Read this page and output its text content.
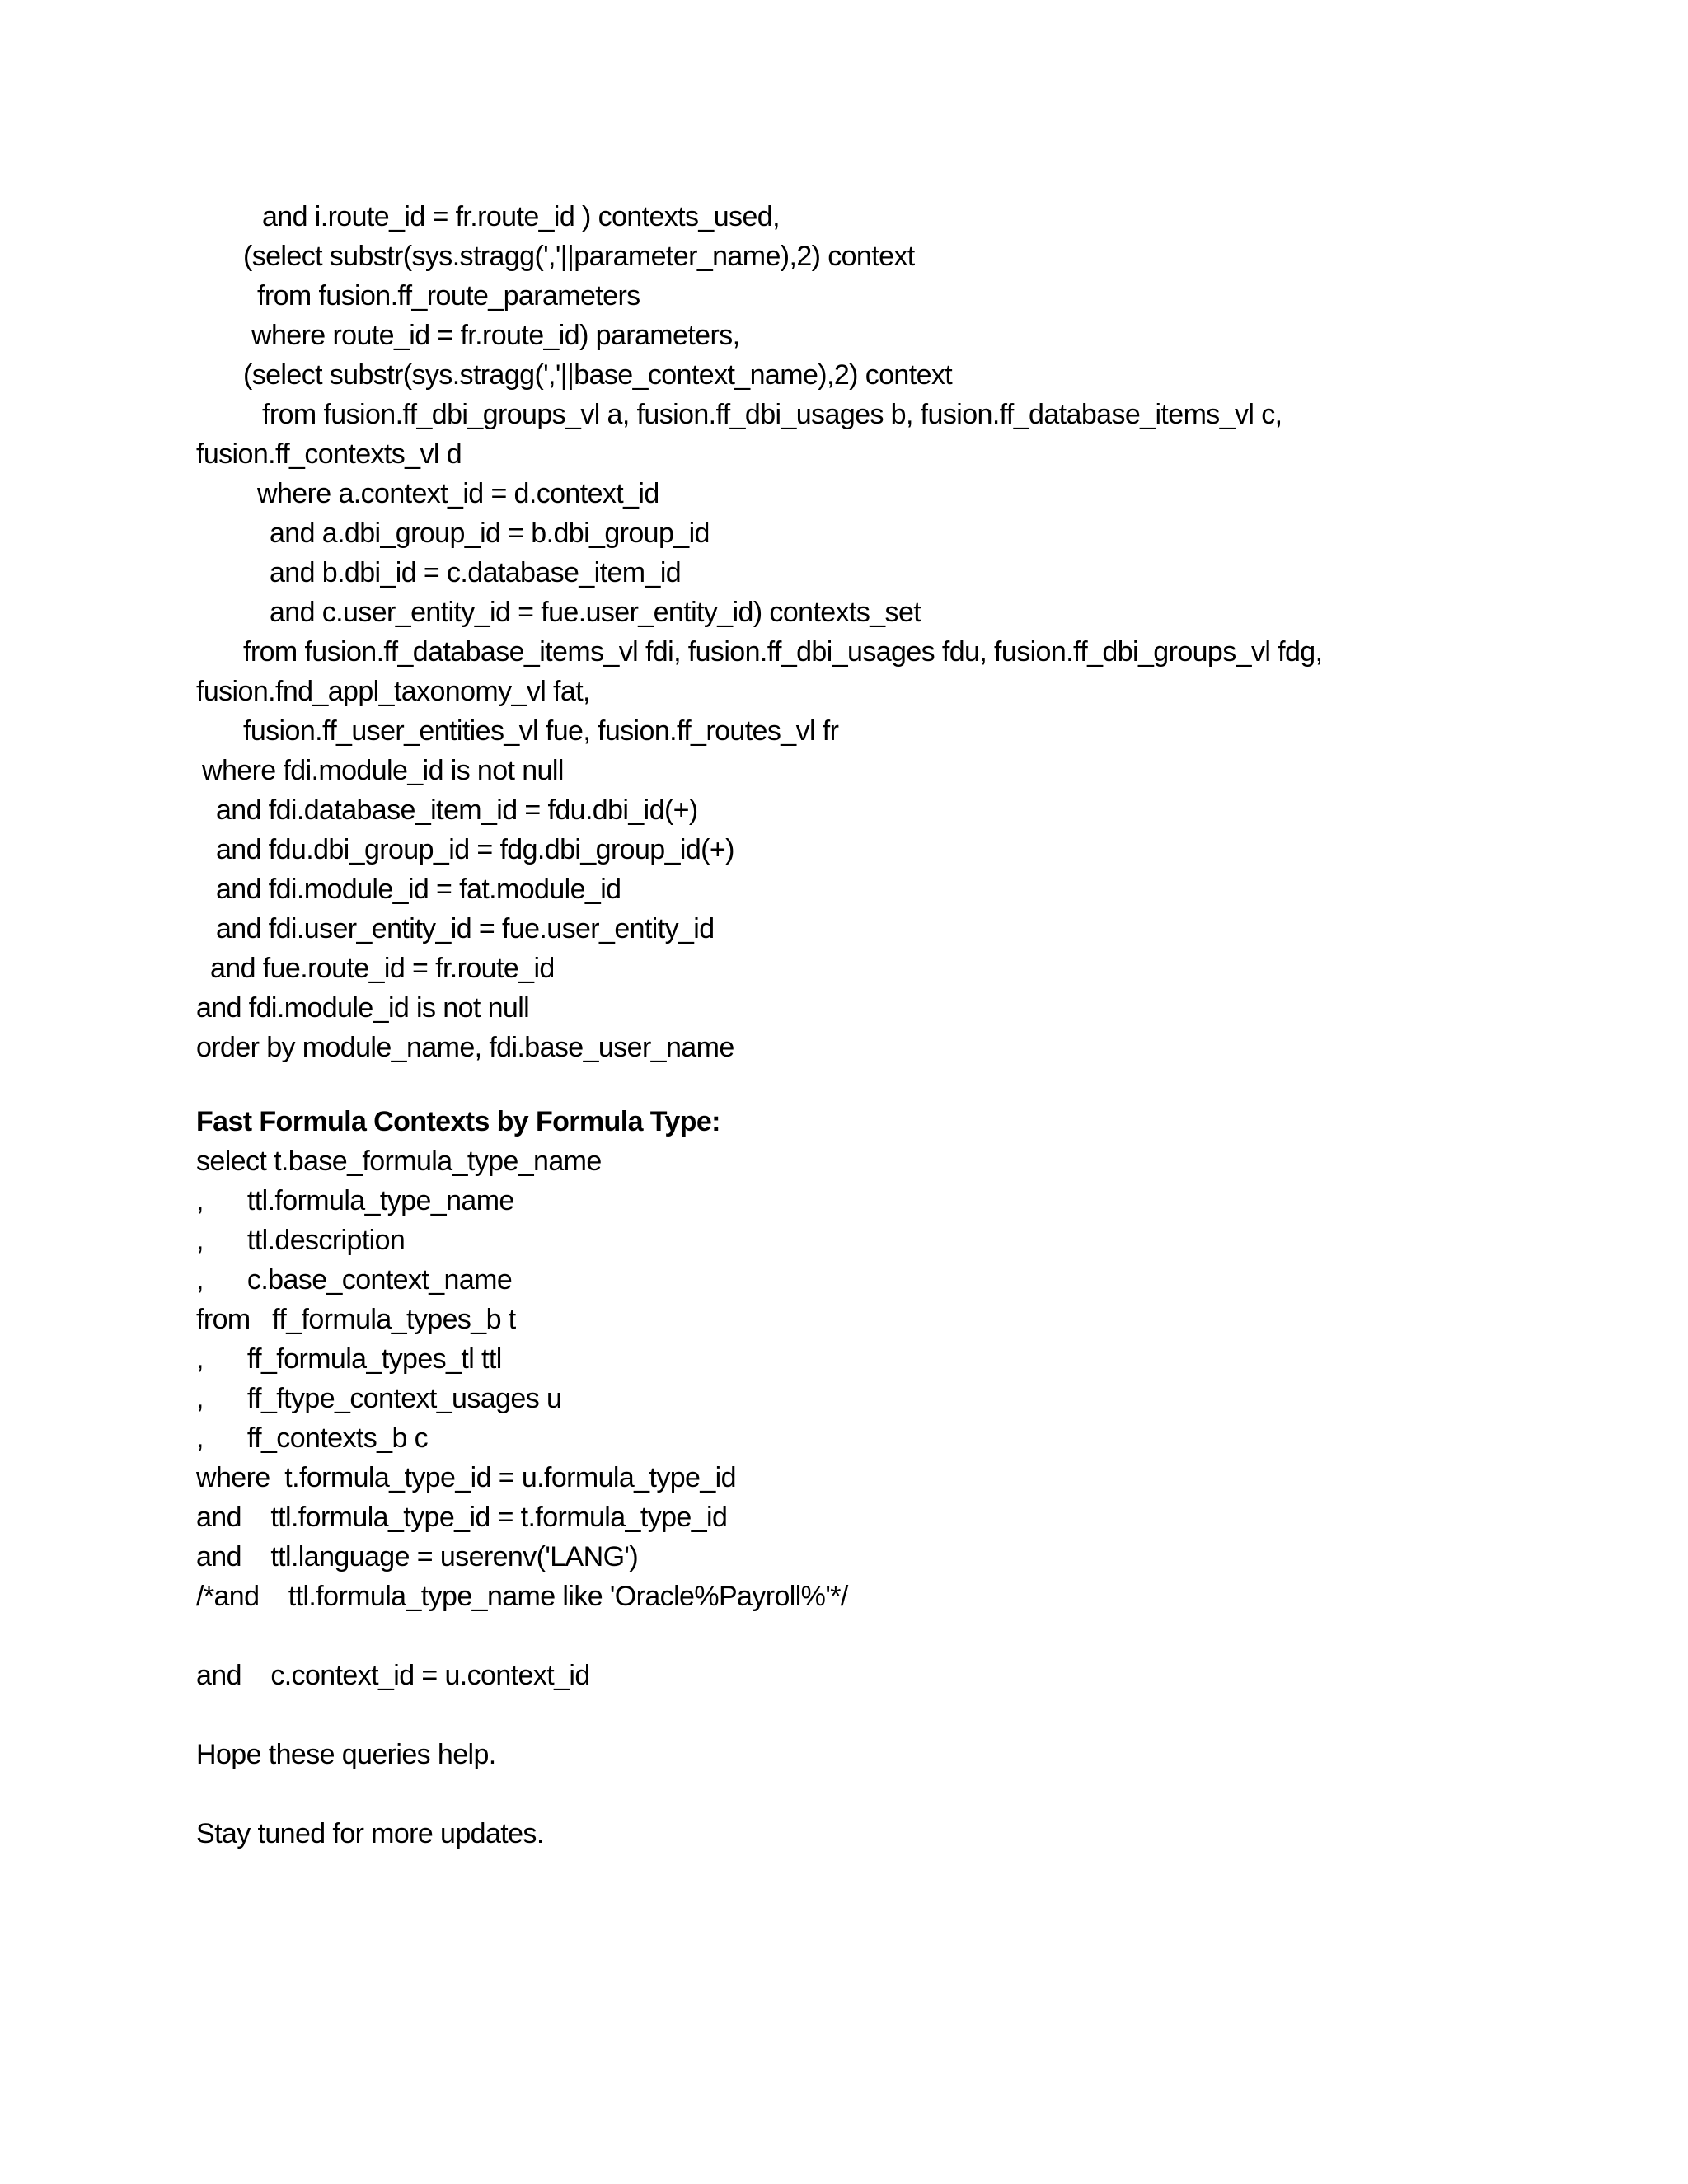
and i.route_id = fr.route_id ) contexts_used,
(select substr(sys.stragg(','||parameter_name),2) context
from fusion.ff_route_parameters
where route_id = fr.route_id) parameters,
(select substr(sys.stragg(','||base_context_name),2) context
from fusion.ff_dbi_groups_vl a, fusion.ff_dbi_usages b, fusion.ff_database_items_vl c,
fusion.ff_contexts_vl d
where a.context_id = d.context_id
and a.dbi_group_id = b.dbi_group_id
and b.dbi_id = c.database_item_id
and c.user_entity_id = fue.user_entity_id) contexts_set
from fusion.ff_database_items_vl fdi, fusion.ff_dbi_usages fdu, fusion.ff_dbi_groups_vl fdg,
fusion.fnd_appl_taxonomy_vl fat,
fusion.ff_user_entities_vl fue, fusion.ff_routes_vl fr
where fdi.module_id is not null
and fdi.database_item_id = fdu.dbi_id(+)
and fdu.dbi_group_id = fdg.dbi_group_id(+)
and fdi.module_id = fat.module_id
and fdi.user_entity_id = fue.user_entity_id
and fue.route_id = fr.route_id
and fdi.module_id is not null
order by module_name, fdi.base_user_name
Fast Formula Contexts by Formula Type:
select t.base_formula_type_name
,      ttl.formula_type_name
,      ttl.description
,      c.base_context_name
from   ff_formula_types_b t
,      ff_formula_types_tl ttl
,      ff_ftype_context_usages u
,      ff_contexts_b c
where  t.formula_type_id = u.formula_type_id
and    ttl.formula_type_id = t.formula_type_id
and    ttl.language = userenv('LANG')
/*and    ttl.formula_type_name like 'Oracle%Payroll%'*/
and    c.context_id = u.context_id
Hope these queries help.
Stay tuned for more updates.
